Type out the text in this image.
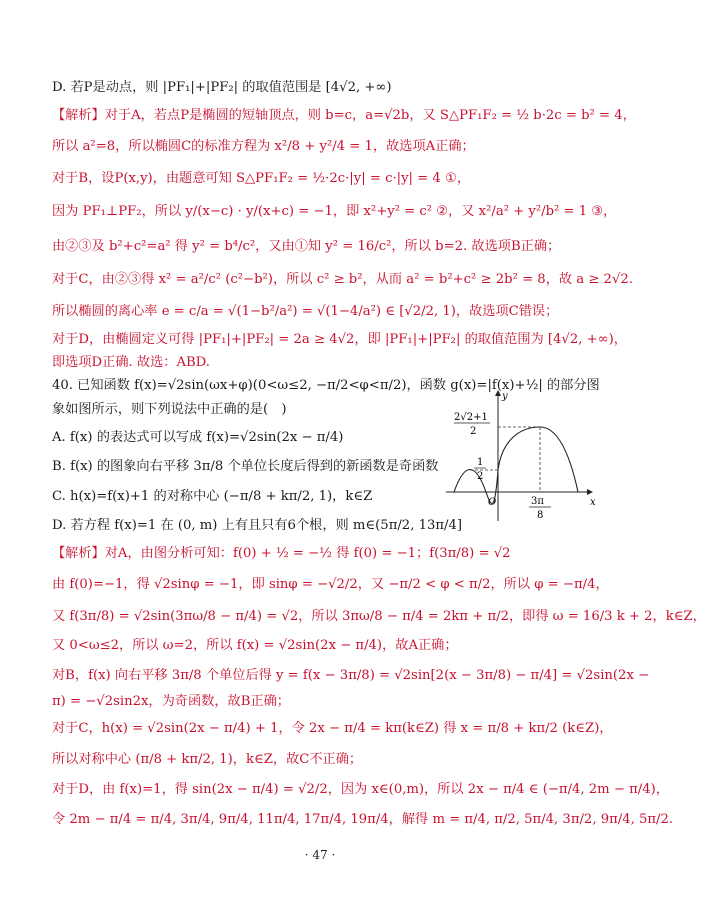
D. 若P是动点，则 |PF₁|+|PF₂| 的取值范围是 [4√2, +∞)
【解析】对于A，若点P是椭圆的短轴顶点，则 b=c，a=√2b，又 S△PF₁F₂ = ½ b·2c = b² = 4，
所以 a²=8，所以椭圆C的标准方程为 x²/8 + y²/4 = 1，故选项A正确；
对于B，设P(x,y)，由题意可知 S△PF₁F₂ = ½·2c·|y| = c·|y| = 4 ①，
因为 PF₁⊥PF₂，所以 y/(x−c) · y/(x+c) = −1，即 x²+y² = c² ②，又 x²/a² + y²/b² = 1 ③，
由②③及 b²+c²=a² 得 y² = b⁴/c²，又由①知 y² = 16/c²，所以 b=2. 故选项B正确；
对于C，由②③得 x² = a²/c² (c²−b²)，所以 c² ≥ b²，从而 a² = b²+c² ≥ 2b² = 8，故 a ≥ 2√2.
所以椭圆的离心率 e = c/a = √(1−b²/a²) = √(1−4/a²) ∈ [√2/2, 1)，故选项C错误；
对于D，由椭圆定义可得 |PF₁|+|PF₂| = 2a ≥ 4√2，即 |PF₁|+|PF₂| 的取值范围为 [4√2, +∞)，
即选项D正确. 故选：ABD.
40. 已知函数 f(x)=√2sin(ωx+φ)(0<ω≤2, −π/2<φ<π/2)，函数 g(x)=|f(x)+½| 的部分图
象如图所示，则下列说法中正确的是(　)
A. f(x) 的表达式可以写成 f(x)=√2sin(2x − π/4)
B. f(x) 的图象向右平移 3π/8 个单位长度后得到的新函数是奇函数
C. h(x)=f(x)+1 的对称中心 (−π/8 + kπ/2, 1)，k∈Z
D. 若方程 f(x)=1 在 (0, m) 上有且只有6个根，则 m∈(5π/2, 13π/4]
y
x
O
2√2+1
2
1
2
3π
8
【解析】对A，由图分析可知：f(0) + ½ = −½ 得 f(0) = −1；f(3π/8) = √2
由 f(0)=−1，得 √2sinφ = −1，即 sinφ = −√2/2，又 −π/2 < φ < π/2，所以 φ = −π/4，
又 f(3π/8) = √2sin(3πω/8 − π/4) = √2，所以 3πω/8 − π/4 = 2kπ + π/2，即得 ω = 16/3 k + 2，k∈Z，
又 0<ω≤2，所以 ω=2，所以 f(x) = √2sin(2x − π/4)，故A正确；
对B，f(x) 向右平移 3π/8 个单位后得 y = f(x − 3π/8) = √2sin[2(x − 3π/8) − π/4] = √2sin(2x −
π) = −√2sin2x，为奇函数，故B正确；
对于C，h(x) = √2sin(2x − π/4) + 1，令 2x − π/4 = kπ(k∈Z) 得 x = π/8 + kπ/2 (k∈Z)，
所以对称中心 (π/8 + kπ/2, 1)，k∈Z，故C不正确；
对于D，由 f(x)=1，得 sin(2x − π/4) = √2/2，因为 x∈(0,m)，所以 2x − π/4 ∈ (−π/4, 2m − π/4)，
令 2m − π/4 = π/4, 3π/4, 9π/4, 11π/4, 17π/4, 19π/4，解得 m = π/4, π/2, 5π/4, 3π/2, 9π/4, 5π/2.
· 47 ·
